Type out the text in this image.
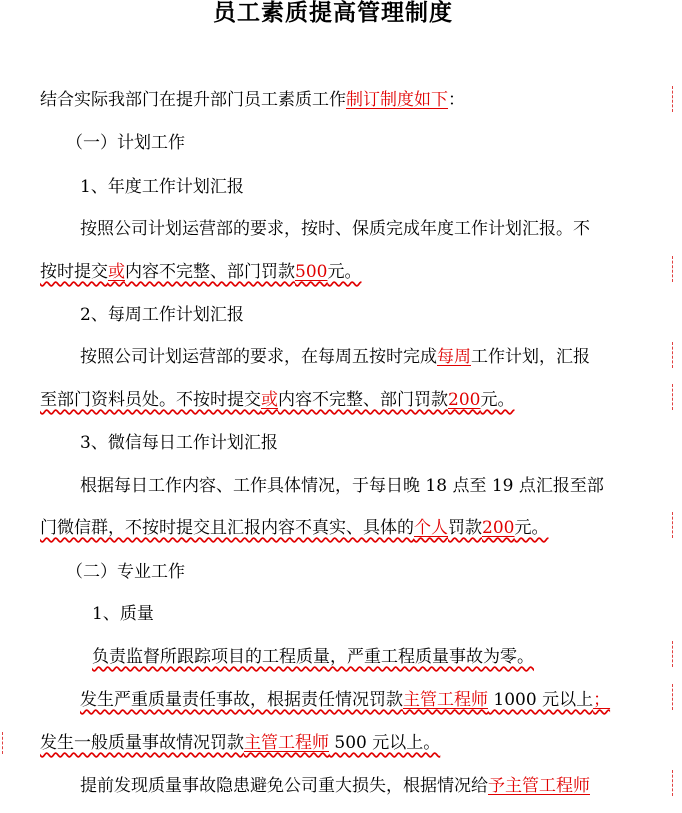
员工素质提高管理制度
结合实际我部门在提升部门员工素质工作制订制度如下：
（一）计划工作
1、年度工作计划汇报
按照公司计划运营部的要求，按时、保质完成年度工作计划汇报。不
按时提交或内容不完整、部门罚款500元。
2、每周工作计划汇报
按照公司计划运营部的要求，在每周五按时完成每周工作计划，汇报
至部门资料员处。不按时提交或内容不完整、部门罚款200元。
3、微信每日工作计划汇报
根据每日工作内容、工作具体情况，于每日晚 18 点至 19 点汇报至部
门微信群，不按时提交且汇报内容不真实、具体的个人罚款200元。
（二）专业工作
1、质量
负责监督所跟踪项目的工程质量，严重工程质量事故为零。
发生严重质量责任事故，根据责任情况罚款主管工程师 1000 元以上；
发生一般质量事故情况罚款主管工程师 500 元以上。
提前发现质量事故隐患避免公司重大损失，根据情况给予主管工程师
